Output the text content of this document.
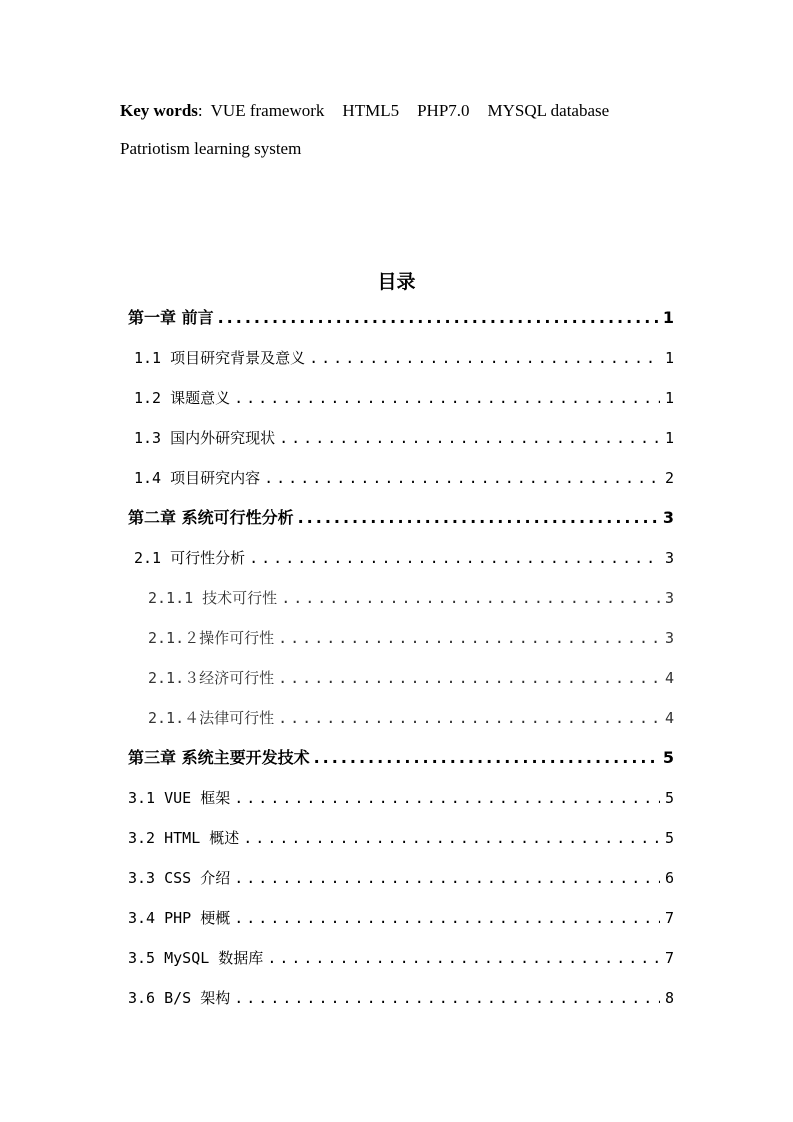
Key words: VUE framework HTML5 PHP7.0 MYSQL database
Patriotism learning system
目录
第一章 前言 .....	1
1.1 项目研究背景及意义 .....	1
1.2 课题意义 .....	1
1.3 国内外研究现状 .....	1
1.4 项目研究内容 .....	2
第二章 系统可行性分析 .....	3
2.1 可行性分析 .....	3
2.1.1 技术可行性 .....	3
2.1.２操作可行性 .....	3
2.1.３经济可行性 .....	4
2.1.４法律可行性 .....	4
第三章 系统主要开发技术 .....	5
3.1 VUE 框架 .....	5
3.2 HTML 概述 .....	5
3.3 CSS 介绍 .....	6
3.4 PHP 梗概 .....	7
3.5 MySQL 数据库 .....	7
3.6 B/S 架构 .....	8
